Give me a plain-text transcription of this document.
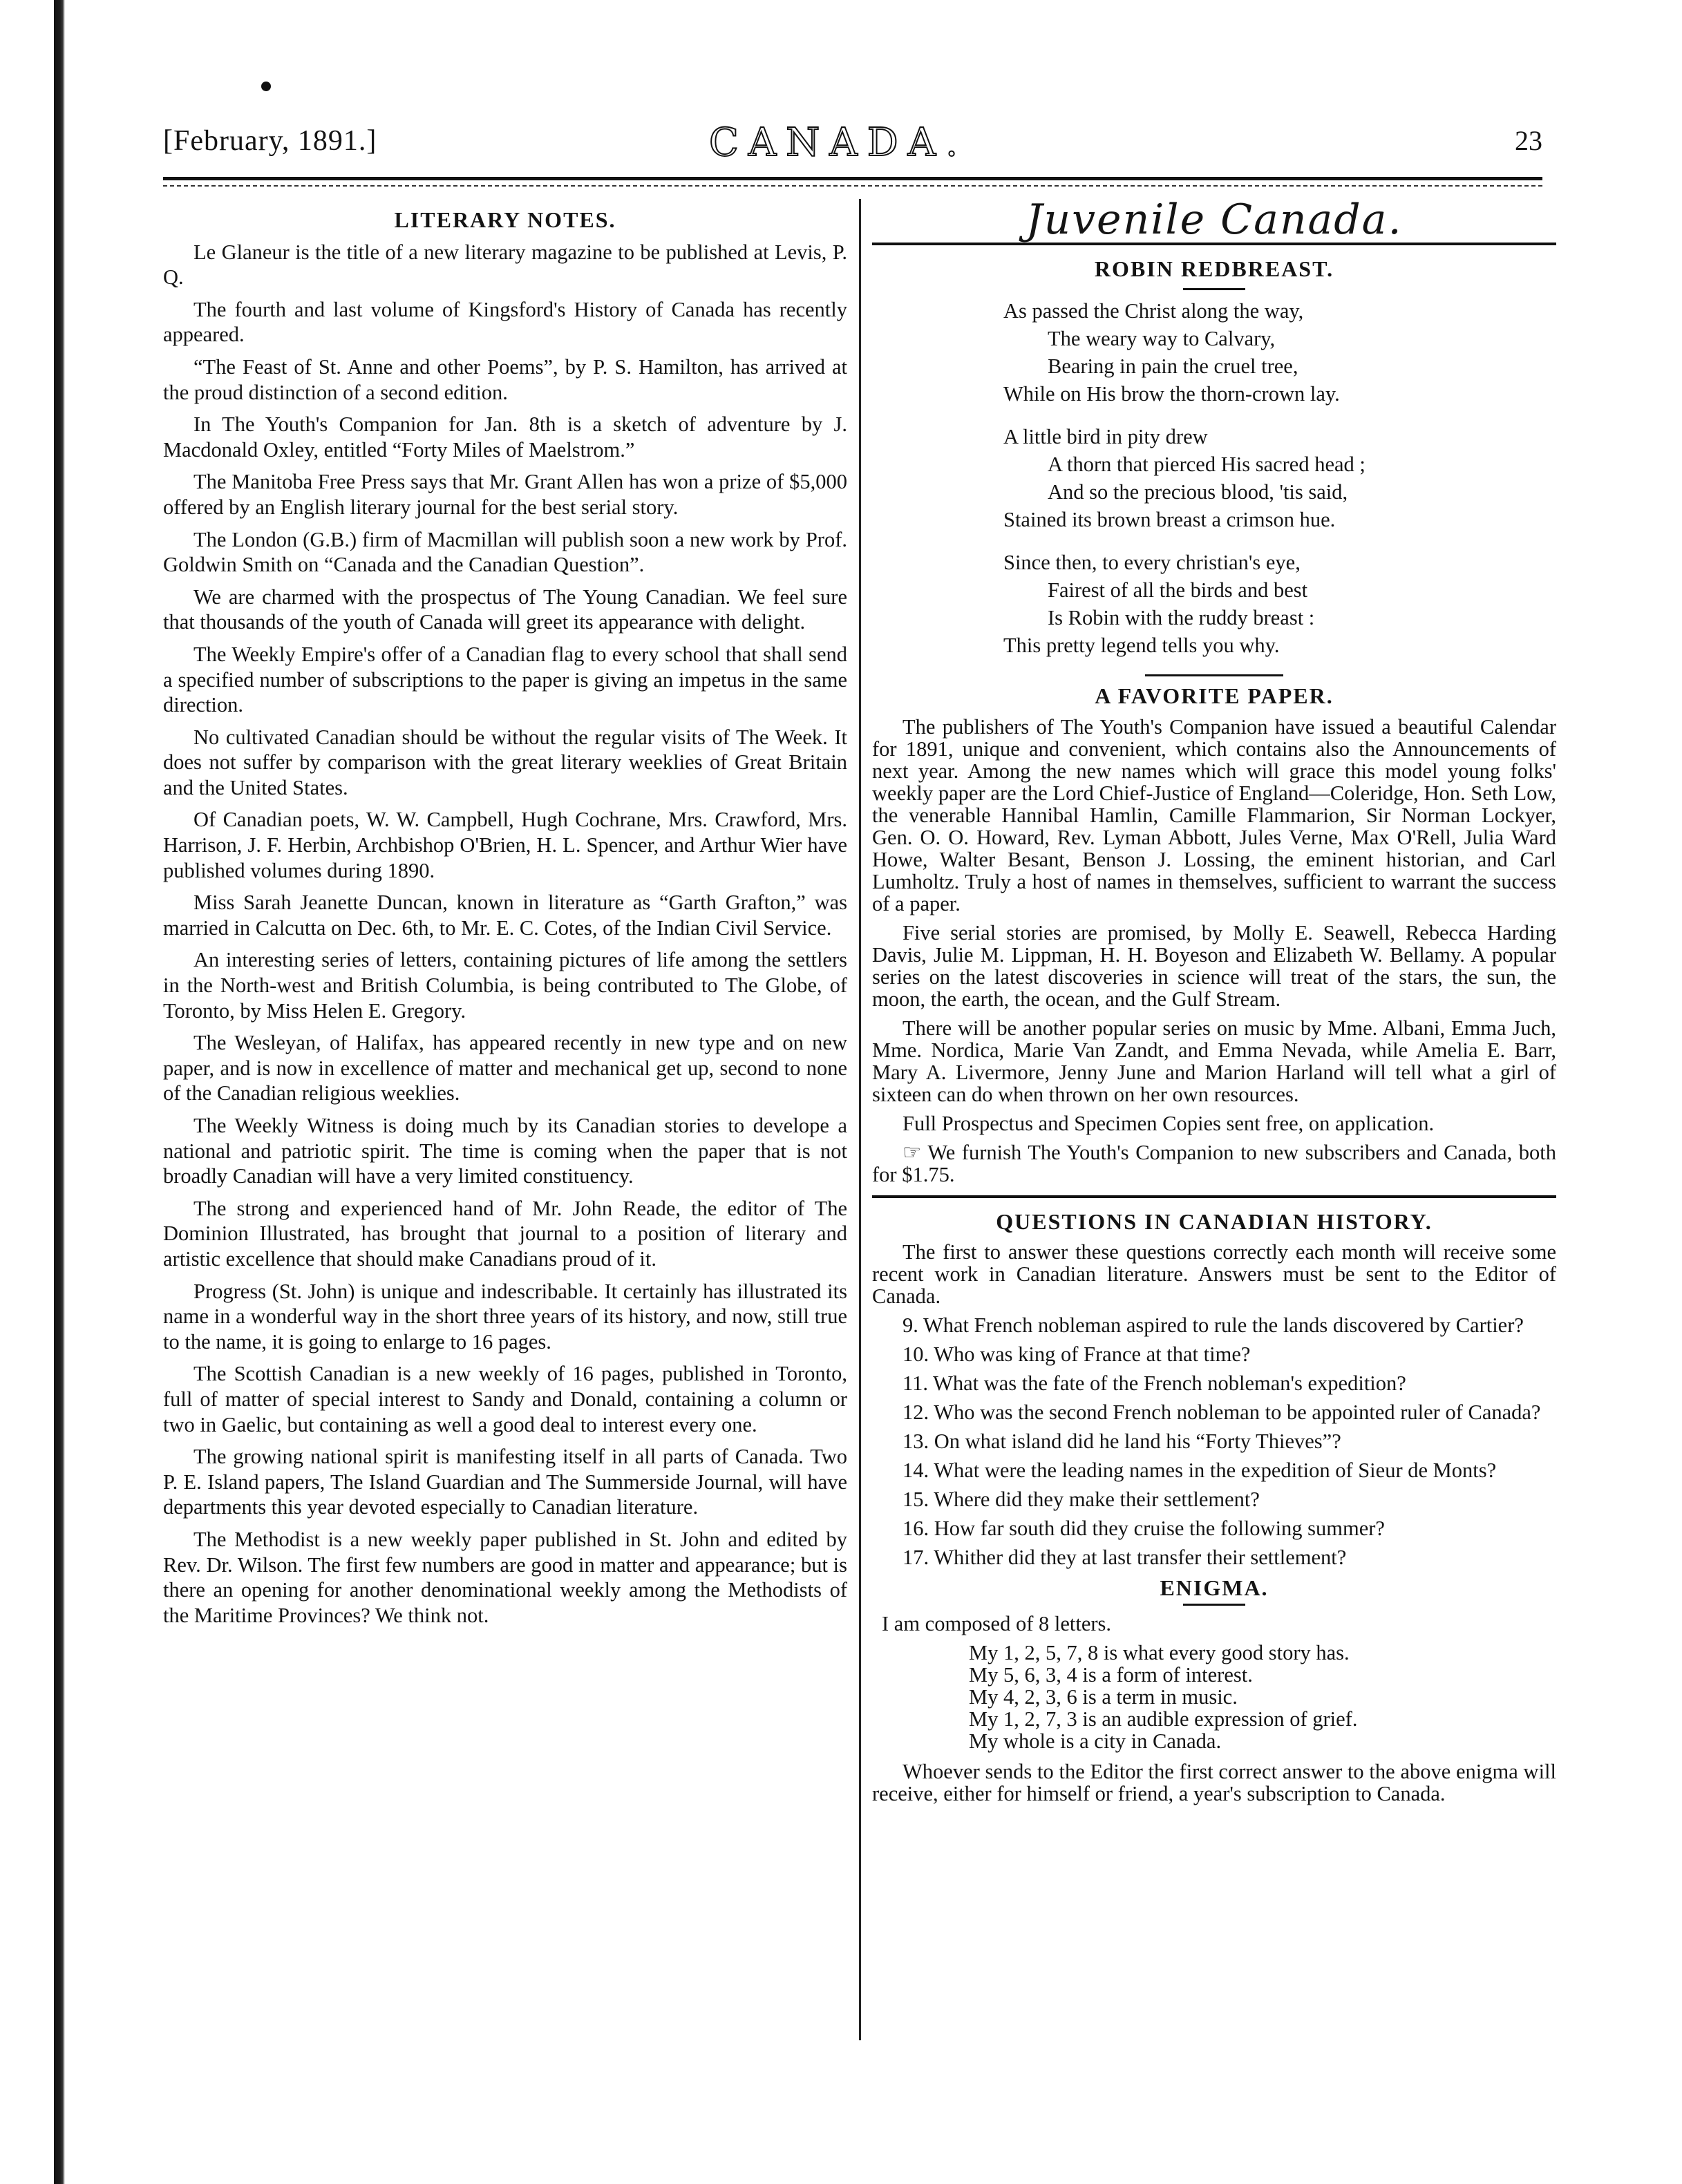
[February, 1891.]	CANADA.	23
LITERARY NOTES.

Le Glaneur is the title of a new literary magazine to be published at Levis, P. Q.

The fourth and last volume of Kingsford's History of Canada has recently appeared.

“The Feast of St. Anne and other Poems”, by P. S. Hamilton, has arrived at the proud distinction of a second edition.

In The Youth's Companion for Jan. 8th is a sketch of adventure by J. Macdonald Oxley, entitled “Forty Miles of Maelstrom.”

The Manitoba Free Press says that Mr. Grant Allen has won a prize of $5,000 offered by an English literary journal for the best serial story.

The London (G.B.) firm of Macmillan will publish soon a new work by Prof. Goldwin Smith on “Canada and the Canadian Question”.

We are charmed with the prospectus of The Young Canadian. We feel sure that thousands of the youth of Canada will greet its appearance with delight.

The Weekly Empire's offer of a Canadian flag to every school that shall send a specified number of subscriptions to the paper is giving an impetus in the same direction.

No cultivated Canadian should be without the regular visits of The Week. It does not suffer by comparison with the great literary weeklies of Great Britain and the United States.

Of Canadian poets, W. W. Campbell, Hugh Cochrane, Mrs. Crawford, Mrs. Harrison, J. F. Herbin, Archbishop O'Brien, H. L. Spencer, and Arthur Wier have published volumes during 1890.

Miss Sarah Jeanette Duncan, known in literature as “Garth Grafton,” was married in Calcutta on Dec. 6th, to Mr. E. C. Cotes, of the Indian Civil Service.

An interesting series of letters, containing pictures of life among the settlers in the North-west and British Columbia, is being contributed to The Globe, of Toronto, by Miss Helen E. Gregory.

The Wesleyan, of Halifax, has appeared recently in new type and on new paper, and is now in excellence of matter and mechanical get up, second to none of the Canadian religious weeklies.

The Weekly Witness is doing much by its Canadian stories to develope a national and patriotic spirit. The time is coming when the paper that is not broadly Canadian will have a very limited constituency.

The strong and experienced hand of Mr. John Reade, the editor of The Dominion Illustrated, has brought that journal to a position of literary and artistic excellence that should make Canadians proud of it.

Progress (St. John) is unique and indescribable. It certainly has illustrated its name in a wonderful way in the short three years of its history, and now, still true to the name, it is going to enlarge to 16 pages.

The Scottish Canadian is a new weekly of 16 pages, published in Toronto, full of matter of special interest to Sandy and Donald, containing a column or two in Gaelic, but containing as well a good deal to interest every one.

The growing national spirit is manifesting itself in all parts of Canada. Two P. E. Island papers, The Island Guardian and The Summerside Journal, will have departments this year devoted especially to Canadian literature.

The Methodist is a new weekly paper published in St. John and edited by Rev. Dr. Wilson. The first few numbers are good in matter and appearance; but is there an opening for another denominational weekly among the Methodists of the Maritime Provinces? We think not.

Juvenile Canada.
ROBIN REDBREAST.
As passed the Christ along the way,
The weary way to Calvary,
Bearing in pain the cruel tree,
While on His brow the thorn-crown lay.
A little bird in pity drew
A thorn that pierced His sacred head ;
And so the precious blood, 'tis said,
Stained its brown breast a crimson hue.
Since then, to every christian's eye,
Fairest of all the birds and best
Is Robin with the ruddy breast :
This pretty legend tells you why.
A FAVORITE PAPER.

The publishers of The Youth's Companion have issued a beautiful Calendar for 1891, unique and convenient, which contains also the Announcements of next year. Among the new names which will grace this model young folks' weekly paper are the Lord Chief-Justice of England—Coleridge, Hon. Seth Low, the venerable Hannibal Hamlin, Camille Flammarion, Sir Norman Lockyer, Gen. O. O. Howard, Rev. Lyman Abbott, Jules Verne, Max O'Rell, Julia Ward Howe, Walter Besant, Benson J. Lossing, the eminent historian, and Carl Lumholtz. Truly a host of names in themselves, sufficient to warrant the success of a paper.

Five serial stories are promised, by Molly E. Seawell, Rebecca Harding Davis, Julie M. Lippman, H. H. Boyeson and Elizabeth W. Bellamy. A popular series on the latest discoveries in science will treat of the stars, the sun, the moon, the earth, the ocean, and the Gulf Stream.

There will be another popular series on music by Mme. Albani, Emma Juch, Mme. Nordica, Marie Van Zandt, and Emma Nevada, while Amelia E. Barr, Mary A. Livermore, Jenny June and Marion Harland will tell what a girl of sixteen can do when thrown on her own resources.

Full Prospectus and Specimen Copies sent free, on application.

☞ We furnish The Youth's Companion to new subscribers and Canada, both for $1.75.

QUESTIONS IN CANADIAN HISTORY.

The first to answer these questions correctly each month will receive some recent work in Canadian literature. Answers must be sent to the Editor of Canada.

9. What French nobleman aspired to rule the lands discovered by Cartier?

10. Who was king of France at that time?

11. What was the fate of the French nobleman's expedition?

12. Who was the second French nobleman to be appointed ruler of Canada?

13. On what island did he land his “Forty Thieves”?

14. What were the leading names in the expedition of Sieur de Monts?

15. Where did they make their settlement?

16. How far south did they cruise the following summer?

17. Whither did they at last transfer their settlement?

ENIGMA.

I am composed of 8 letters.

My 1, 2, 5, 7, 8 is what every good story has.
My 5, 6, 3, 4 is a form of interest.
My 4, 2, 3, 6 is a term in music.
My 1, 2, 7, 3 is an audible expression of grief.
My whole is a city in Canada.

Whoever sends to the Editor the first correct answer to the above enigma will receive, either for himself or friend, a year's subscription to Canada.
